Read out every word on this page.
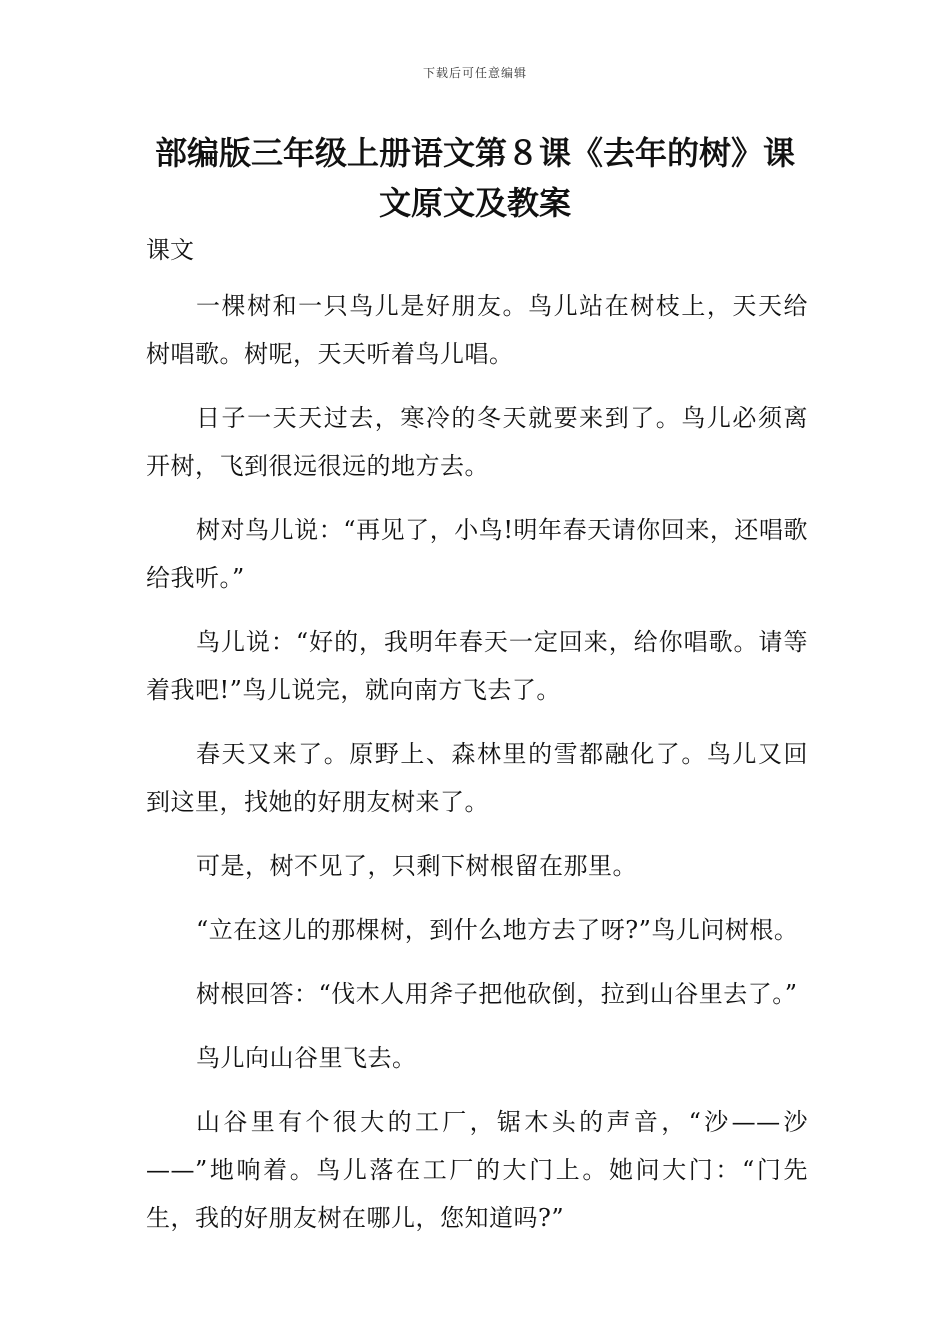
下载后可任意编辑
部编版三年级上册语文第８课《去年的树》课文原文及教案

课文

一棵树和一只鸟儿是好朋友。鸟儿站在树枝上，天天给树唱歌。树呢，天天听着鸟儿唱。

日子一天天过去，寒冷的冬天就要来到了。鸟儿必须离开树，飞到很远很远的地方去。

树对鸟儿说：“再见了，小鸟!明年春天请你回来，还唱歌给我听。”

鸟儿说：“好的，我明年春天一定回来，给你唱歌。请等着我吧!”鸟儿说完，就向南方飞去了。

春天又来了。原野上、森林里的雪都融化了。鸟儿又回到这里，找她的好朋友树来了。

可是，树不见了，只剩下树根留在那里。

“立在这儿的那棵树，到什么地方去了呀?”鸟儿问树根。

树根回答：“伐木人用斧子把他砍倒，拉到山谷里去了。”

鸟儿向山谷里飞去。

山谷里有个很大的工厂，锯木头的声音，“沙——沙——”地响着。鸟儿落在工厂的大门上。她问大门：“门先生，我的好朋友树在哪儿，您知道吗?”
